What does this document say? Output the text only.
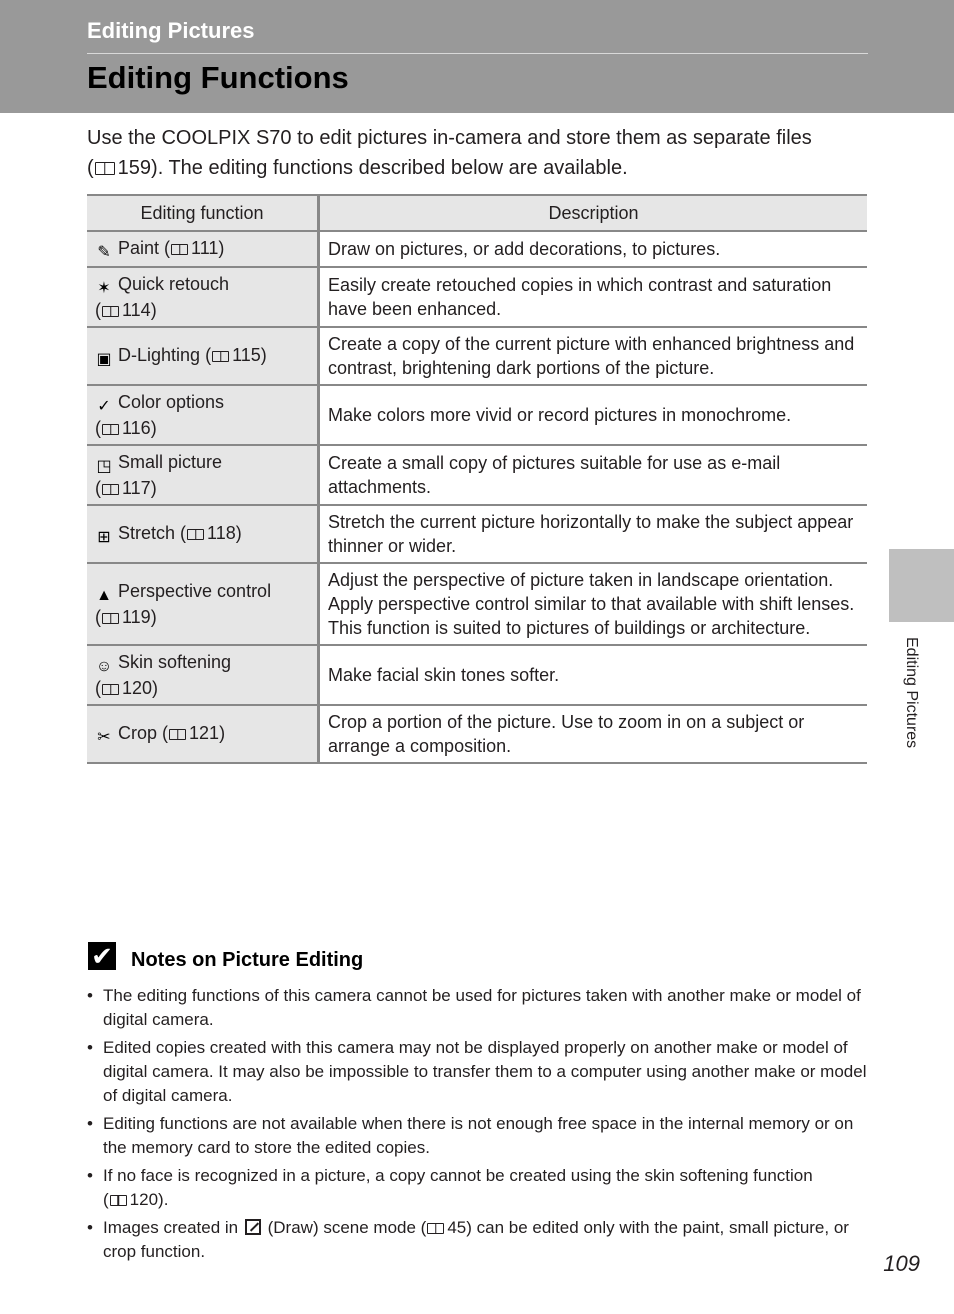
Editing Pictures
Editing Functions
Use the COOLPIX S70 to edit pictures in-camera and store them as separate files
( 159). The editing functions described below are available.
Editing function	Description
✎ Paint ( 111)	Draw on pictures, or add decorations, to pictures.
✶ Quick retouch
( 114)	Easily create retouched copies in which contrast and saturation have been enhanced.
▣ D-Lighting ( 115)	Create a copy of the current picture with enhanced brightness and contrast, brightening dark portions of the picture.
✓ Color options
( 116)	Make colors more vivid or record pictures in monochrome.
◳ Small picture
( 117)	Create a small copy of pictures suitable for use as e-mail attachments.
⊞ Stretch ( 118)	Stretch the current picture horizontally to make the subject appear thinner or wider.
▲ Perspective control
( 119)	Adjust the perspective of picture taken in landscape orientation. Apply perspective control similar to that available with shift lenses. This function is suited to pictures of buildings or architecture.
☺ Skin softening
( 120)	Make facial skin tones softer.
✂ Crop ( 121)	Crop a portion of the picture. Use to zoom in on a subject or arrange a composition.
✔ Notes on Picture Editing
• The editing functions of this camera cannot be used for pictures taken with another make or model of digital camera.
• Edited copies created with this camera may not be displayed properly on another make or model of digital camera. It may also be impossible to transfer them to a computer using another make or model of digital camera.
• Editing functions are not available when there is not enough free space in the internal memory or on the memory card to store the edited copies.
• If no face is recognized in a picture, a copy cannot be created using the skin softening function
( 120).
• Images created in (Draw) scene mode ( 45) can be edited only with the paint, small picture, or crop function.
Editing Pictures
109
